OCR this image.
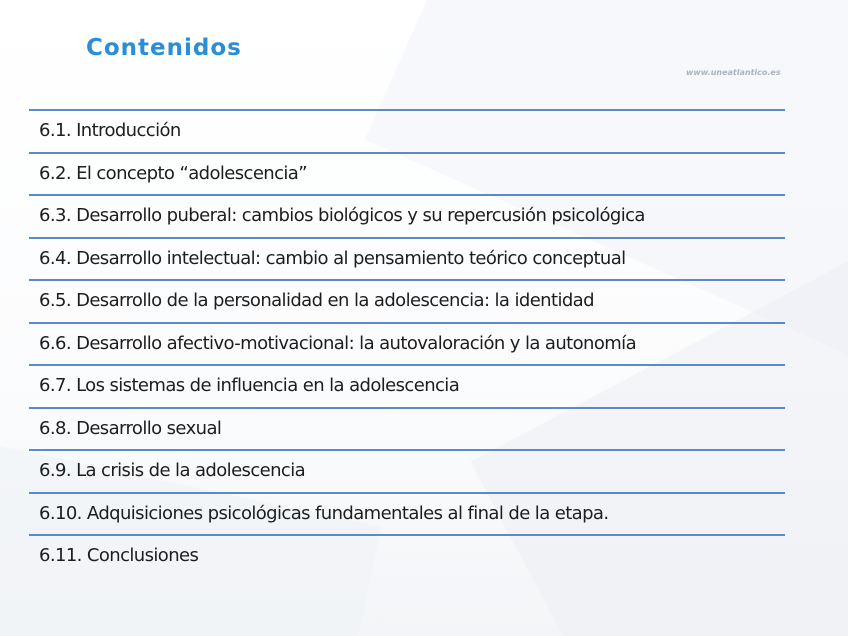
Contenidos
www.uneatlantico.es
6.1. Introducción
6.2. El concepto “adolescencia”
6.3. Desarrollo puberal: cambios biológicos y su repercusión psicológica
6.4. Desarrollo intelectual: cambio al pensamiento teórico conceptual
6.5. Desarrollo de la personalidad en la adolescencia: la identidad
6.6. Desarrollo afectivo-motivacional: la autovaloración y la autonomía
6.7. Los sistemas de influencia en la adolescencia
6.8. Desarrollo sexual
6.9. La crisis de la adolescencia
6.10. Adquisiciones psicológicas fundamentales al final de la etapa.
6.11. Conclusiones
